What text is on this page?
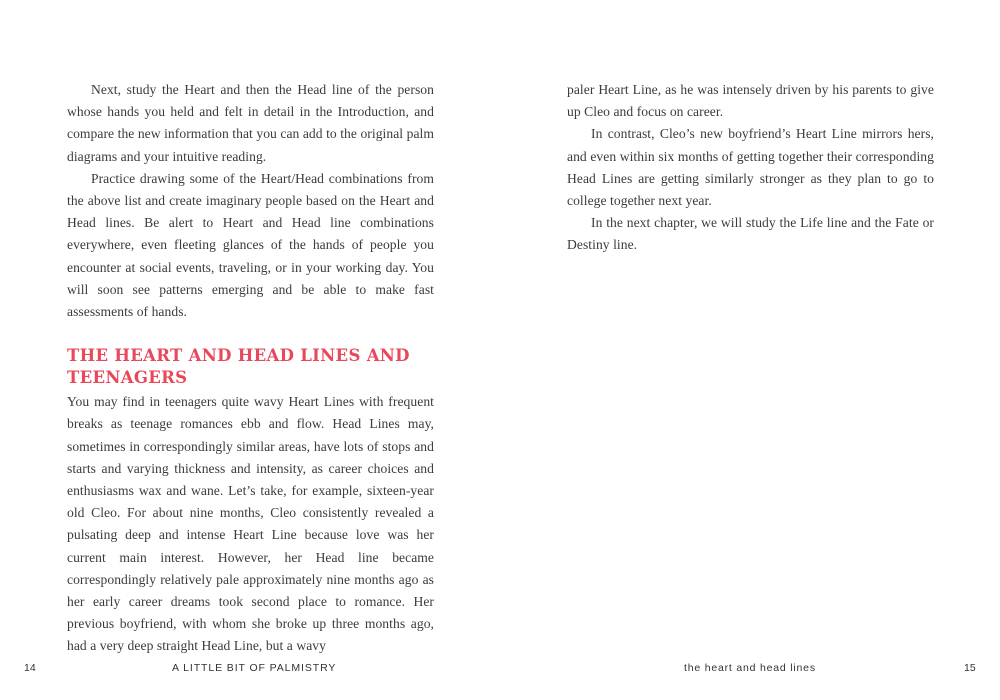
Next, study the Heart and then the Head line of the person whose hands you held and felt in detail in the Introduction, and compare the new information that you can add to the original palm diagrams and your intuitive reading.

Practice drawing some of the Heart/Head combinations from the above list and create imaginary people based on the Heart and Head lines. Be alert to Heart and Head line combinations everywhere, even fleeting glances of the hands of people you encounter at social events, traveling, or in your working day. You will soon see patterns emerging and be able to make fast assessments of hands.

THE HEART AND HEAD LINES AND TEENAGERS

You may find in teenagers quite wavy Heart Lines with frequent breaks as teenage romances ebb and flow. Head Lines may, sometimes in correspondingly similar areas, have lots of stops and starts and varying thickness and intensity, as career choices and enthusiasms wax and wane. Let’s take, for example, sixteen-year old Cleo. For about nine months, Cleo consistently revealed a pulsating deep and intense Heart Line because love was her current main interest. However, her Head line became correspondingly relatively pale approximately nine months ago as her early career dreams took second place to romance. Her previous boyfriend, with whom she broke up three months ago, had a very deep straight Head Line, but a wavy

14	A LITTLE BIT OF PALMISTRY

paler Heart Line, as he was intensely driven by his parents to give up Cleo and focus on career.

In contrast, Cleo’s new boyfriend’s Heart Line mirrors hers, and even within six months of getting together their corresponding Head Lines are getting similarly stronger as they plan to go to college together next year.

In the next chapter, we will study the Life line and the Fate or Destiny line.

the heart and head lines	15
